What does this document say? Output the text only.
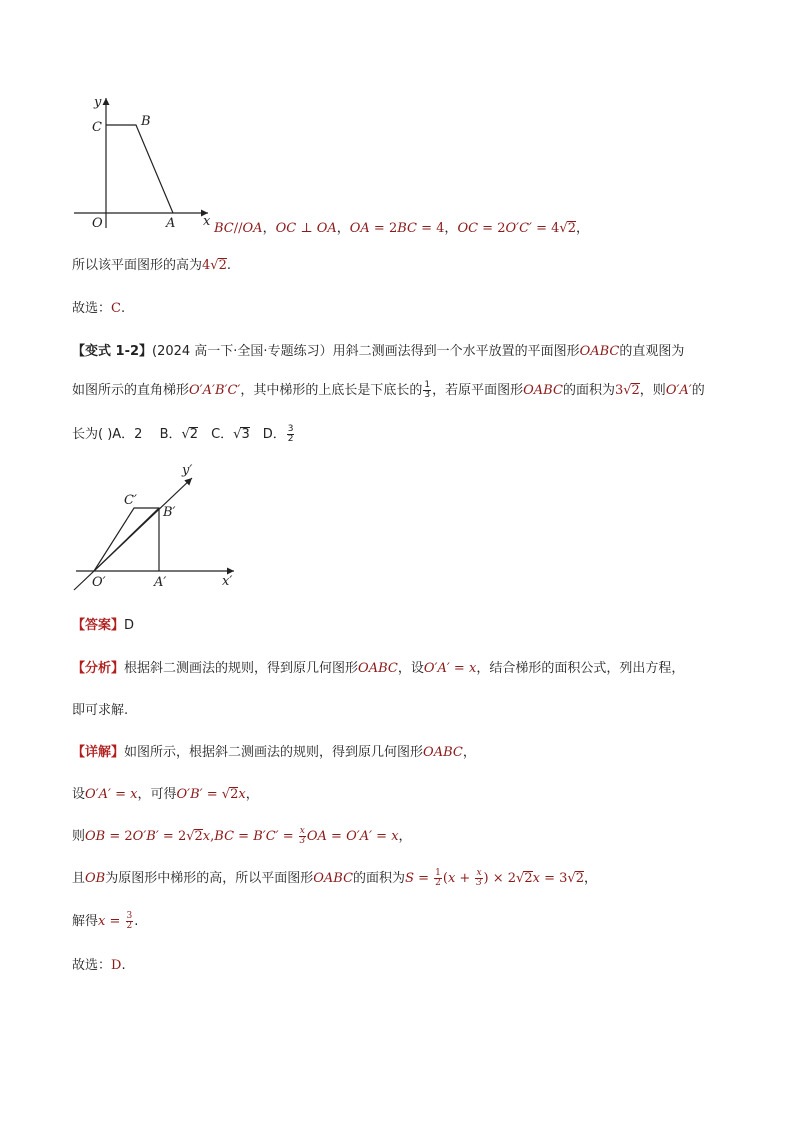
y
x
O	A
B
C
BC//OA，OC ⊥ OA，OA = 2BC = 4，OC = 2O′C′ = 4√2，
所以该平面图形的高为4√2.
故选：C.
【变式 1-2】(2024 高一下·全国·专题练习）用斜二测画法得到一个水平放置的平面图形OABC的直观图为
如图所示的直角梯形O′A′B′C′，其中梯形的上底长是下底长的 $\frac{1}{3}$ ，若原平面图形OABC的面积为3√2，则O′A′的
长为( )A．2　 B．√2　C．√3　D． $\frac{3}{2}$
y′
x′
O′	A′
B′
C′
【答案】D
【分析】根据斜二测画法的规则，得到原几何图形OABC，设O′A′ = x，结合梯形的面积公式，列出方程，
即可求解.
【详解】如图所示，根据斜二测画法的规则，得到原几何图形OABC，
设O′A′ = x，可得O′B′ = √2x，
则OB = $2O'B' = 2√2x,BC = B'C' = \frac{x}{3}$ OA = O′A′ = x，
且OB为原图形中梯形的高，所以平面图形OABC的面积为$S = \frac{1}{2} (x + \frac{x}{3}$ ) × 2√2x = 3√2，
解得$x = \frac{3}{2}$ .
故选：D.
